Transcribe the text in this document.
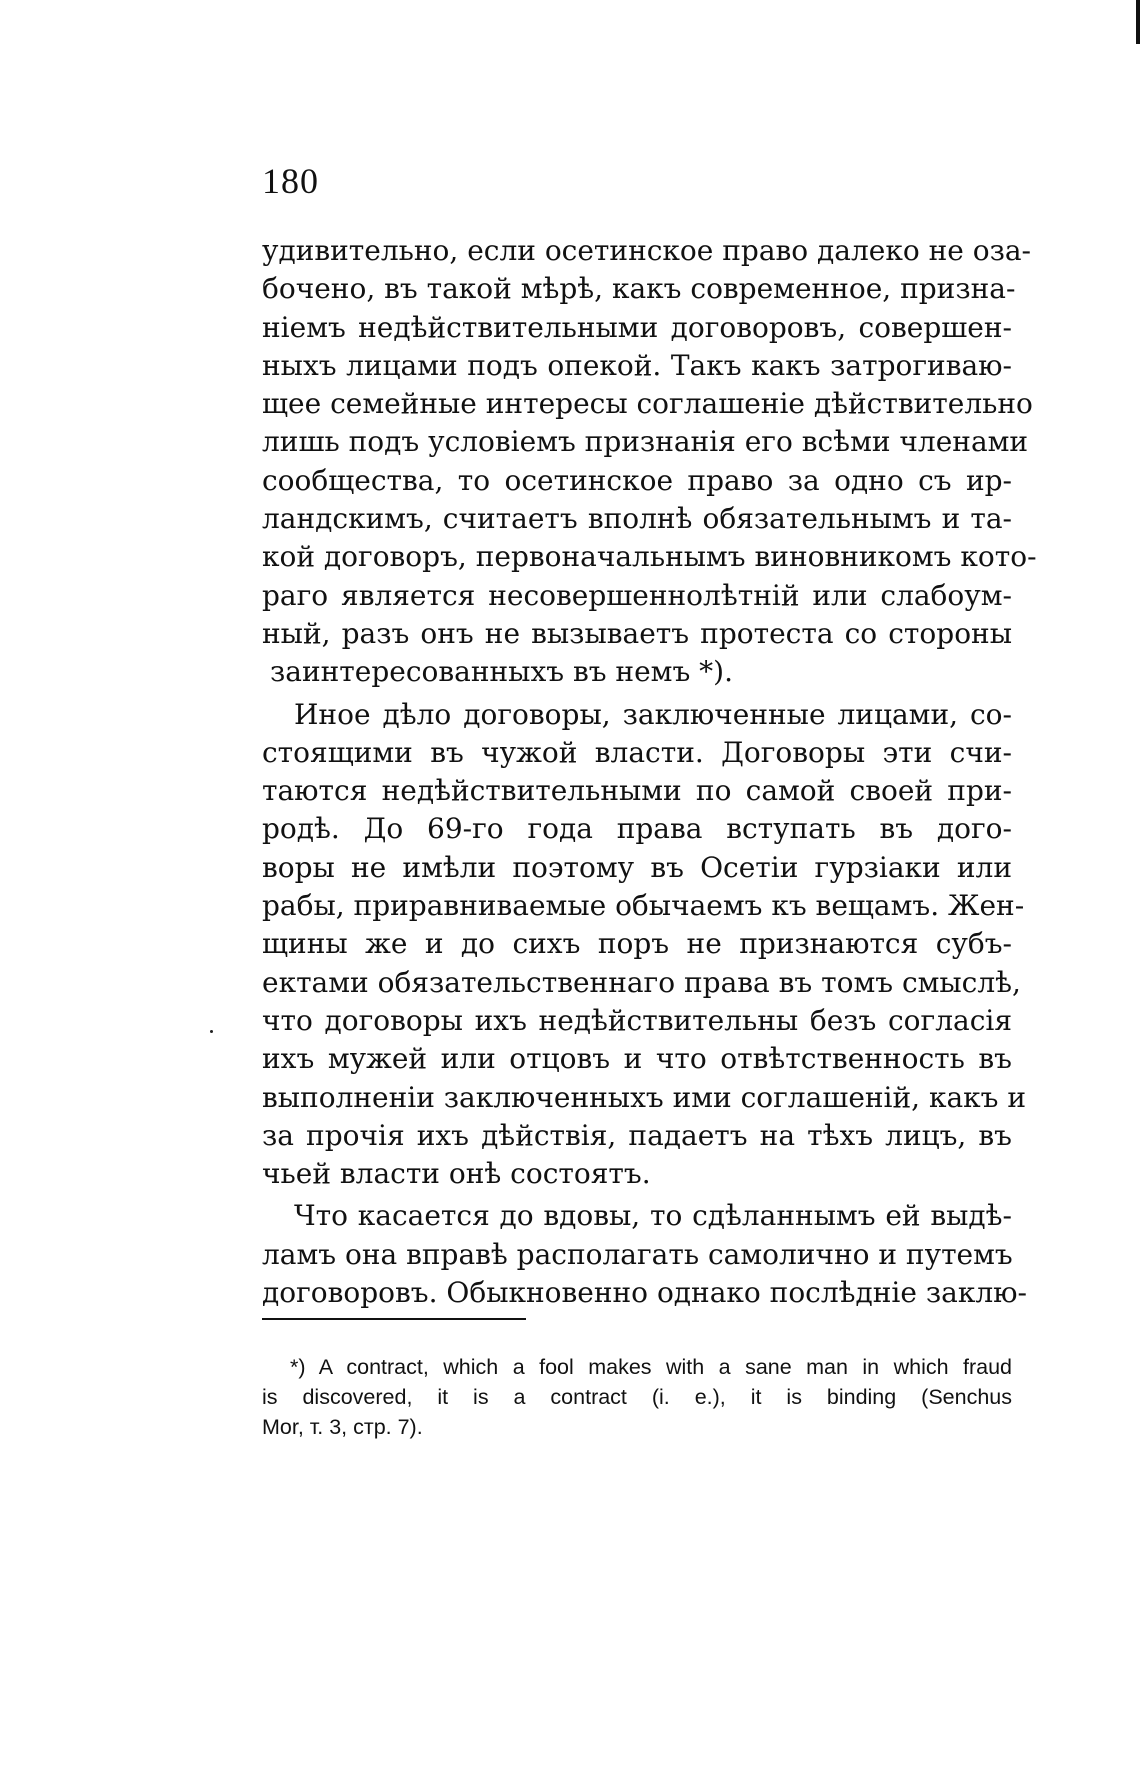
180
удивительно, если осетинское право далеко не оза-
бочено, въ такой мѣрѣ, какъ современное, призна-
ніемъ недѣйствительными договоровъ, совершен-
ныхъ лицами подъ опекой. Такъ какъ затрогиваю-
щее семейные интересы соглашеніе дѣйствительно
лишь подъ условіемъ признанія его всѣми членами
сообщества, то осетинское право за одно съ ир-
ландскимъ, считаетъ вполнѣ обязательнымъ и та-
кой договоръ, первоначальнымъ виновникомъ кото-
раго является несовершеннолѣтній или слабоум-
ный, разъ онъ не вызываетъ протеста со стороны
заинтересованныхъ въ немъ *).
Иное дѣло договоры, заключенные лицами, со-
стоящими въ чужой власти. Договоры эти счи-
таются недѣйствительными по самой своей при-
родѣ. До 69-го года права вступать въ дого-
воры не имѣли поэтому въ Осетіи гурзіаки или
рабы, приравниваемые обычаемъ къ вещамъ. Жен-
щины же и до сихъ поръ не признаются субъ-
ектами обязательственнаго права въ томъ смыслѣ,
что договоры ихъ недѣйствительны безъ согласія
ихъ мужей или отцовъ и что отвѣтственность въ
выполненіи заключенныхъ ими соглашеній, какъ и
за прочія ихъ дѣйствія, падаетъ на тѣхъ лицъ, въ
чьей власти онѣ состоятъ.
Что касается до вдовы, то сдѣланнымъ ей выдѣ-
ламъ она вправѣ располагать самолично и путемъ
договоровъ. Обыкновенно однако послѣдніе заклю-
*) A contract, which a fool makes with a sane man in which fraud
is discovered, it is a contract (i. e.), it is binding (Senchus
Mor, т. 3, стр. 7).
